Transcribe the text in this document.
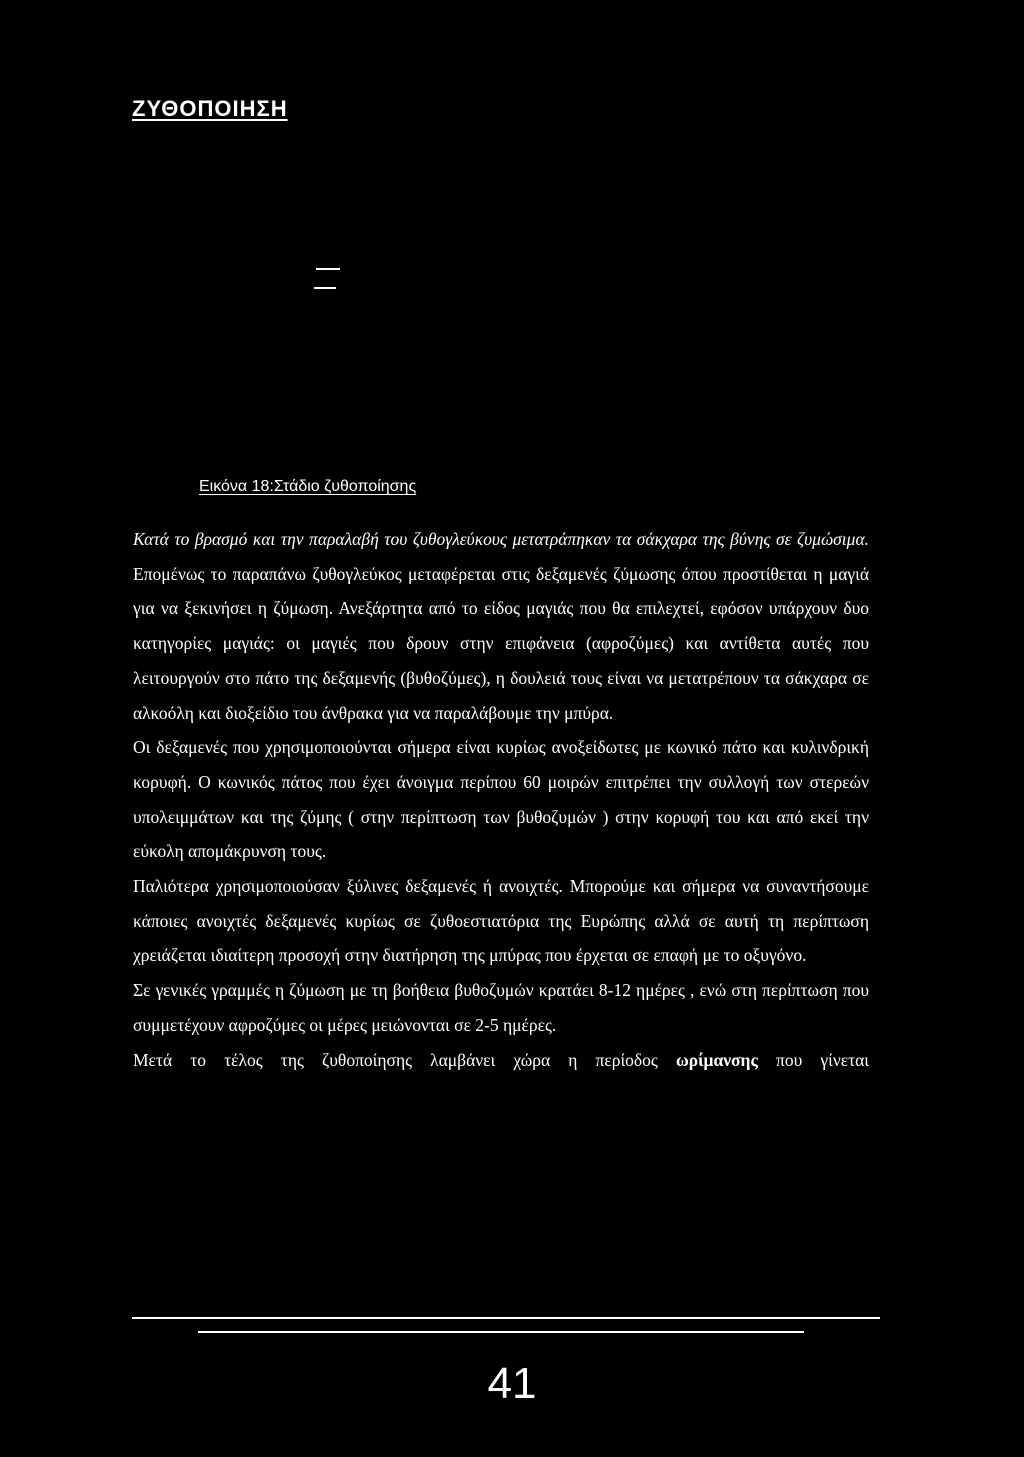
ΖΥΘΟΠΟΙΗΣΗ

Εικόνα 18:Στάδιο ζυθοποίησης

Κατά το βρασμό και την παραλαβή του ζυθογλεύκους μετατράπηκαν τα σάκχαρα της βύνης σε ζυμώσιμα. Επομένως το παραπάνω ζυθογλεύκος μεταφέρεται στις δεξαμενές ζύμωσης όπου προστίθεται η μαγιά για να ξεκινήσει η ζύμωση. Ανεξάρτητα από το είδος μαγιάς που θα επιλεχτεί, εφόσον υπάρχουν δυο κατηγορίες μαγιάς: οι μαγιές που δρουν στην επιφάνεια (αφροζύμες) και αντίθετα αυτές που λειτουργούν στο πάτο της δεξαμενής (βυθοζύμες), η δουλειά τους είναι να μετατρέπουν τα σάκχαρα σε αλκοόλη και διοξείδιο του άνθρακα για να παραλάβουμε την μπύρα.

Οι δεξαμενές που χρησιμοποιούνται σήμερα είναι κυρίως ανοξείδωτες με κωνικό πάτο και κυλινδρική κορυφή. Ο κωνικός πάτος που έχει άνοιγμα περίπου 60 μοιρών επιτρέπει την συλλογή των στερεών υπολειμμάτων και της ζύμης ( στην περίπτωση των βυθοζυμών ) στην κορυφή του και από εκεί την εύκολη απομάκρυνση τους.

Παλιότερα χρησιμοποιούσαν ξύλινες δεξαμενές ή ανοιχτές. Μπορούμε και σήμερα να συναντήσουμε κάποιες ανοιχτές δεξαμενές κυρίως σε ζυθοεστιατόρια της Ευρώπης αλλά σε αυτή τη περίπτωση χρειάζεται ιδιαίτερη προσοχή στην διατήρηση της μπύρας που έρχεται σε επαφή με το οξυγόνο.

Σε γενικές γραμμές η ζύμωση με τη βοήθεια βυθοζυμών κρατάει 8-12 ημέρες , ενώ στη περίπτωση που συμμετέχουν αφροζύμες οι μέρες μειώνονται σε 2-5 ημέρες.

Μετά το τέλος της ζυθοποίησης λαμβάνει χώρα η περίοδος ωρίμανσης που γίνεται

41
